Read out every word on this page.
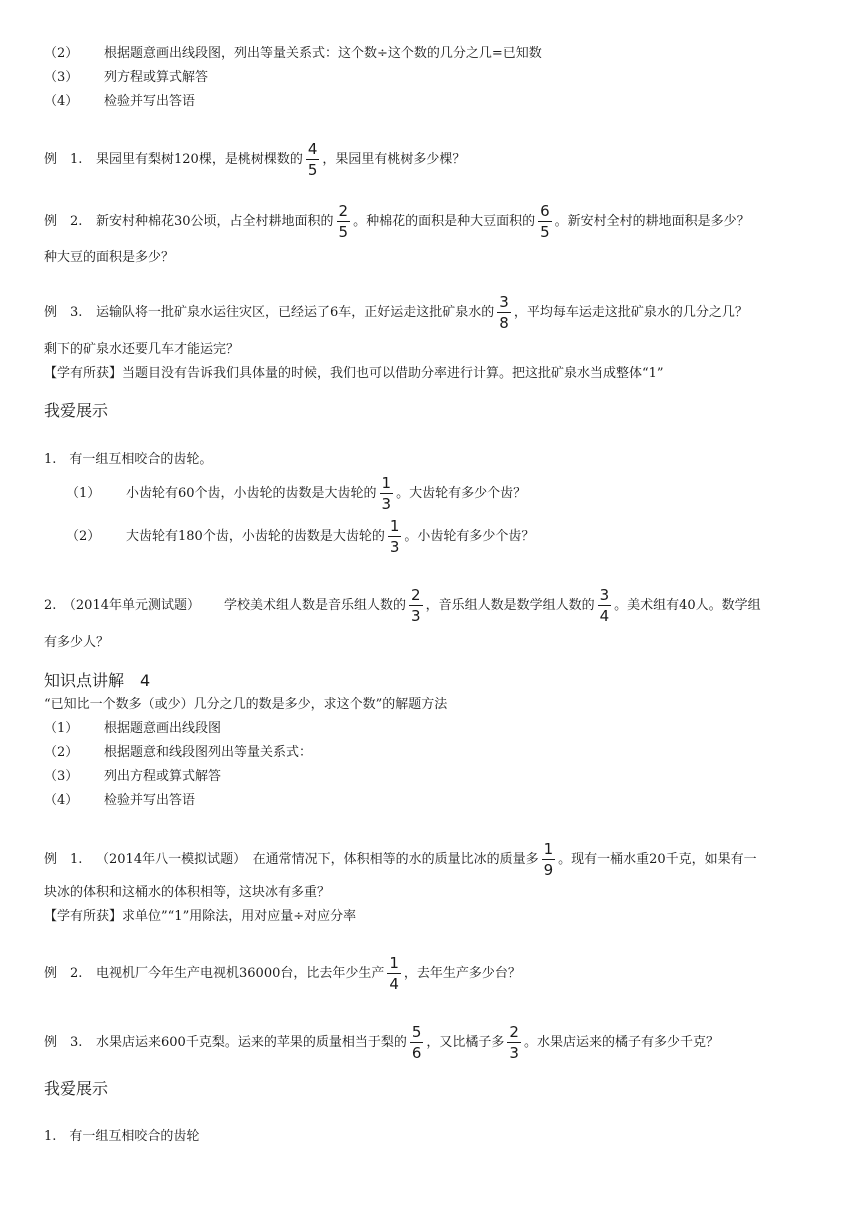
（2） 根据题意画出线段图，列出等量关系式：这个数÷这个数的几分之几=已知数
（3） 列方程或算式解答
（4） 检验并写出答语
例　1. 果园里有梨树120棵，是桃树棵数的 $\frac{4}{5}$ ，果园里有桃树多少棵？
例　2. 新安村种棉花30公顷，占全村耕地面积的 $\frac{2}{5}$ 。种棉花的面积是种大豆面积的 $\frac{6}{5}$ 。新安村全村的耕地面积是多少？
种大豆的面积是多少？
例　3. 运输队将一批矿泉水运往灾区，已经运了6车，正好运走这批矿泉水的 $\frac{3}{8}$ ，平均每车运走这批矿泉水的几分之几？
剩下的矿泉水还要几车才能运完？
【学有所获】当题目没有告诉我们具体量的时候，我们也可以借助分率进行计算。把这批矿泉水当成整体“1”
我爱展示
1.　有一组互相咬合的齿轮。
（1） 小齿轮有60个齿，小齿轮的齿数是大齿轮的 $\frac{1}{3}$ 。大齿轮有多少个齿？
（2） 大齿轮有180个齿，小齿轮的齿数是大齿轮的 $\frac{1}{3}$ 。小齿轮有多少个齿？
2.　（2014年单元测试题） 学校美术组人数是音乐组人数的 $\frac{2}{3}$ ，音乐组人数是数学组人数的 $\frac{3}{4}$ 。美术组有40人。数学组
有多少人？
知识点讲解　4
“已知比一个数多（或少）几分之几的数是多少，求这个数”的解题方法
（1） 根据题意画出线段图
（2） 根据题意和线段图列出等量关系式：
（3） 列出方程或算式解答
（4） 检验并写出答语
例　1. （2014年八一模拟试题）　在通常情况下，体积相等的水的质量比冰的质量多 $\frac{1}{9}$ 。现有一桶水重20千克，如果有一
块冰的体积和这桶水的体积相等，这块冰有多重？
【学有所获】求单位”“1”用除法，用对应量÷对应分率
例　2. 电视机厂今年生产电视机36000台，比去年少生产 $\frac{1}{4}$ ，去年生产多少台？
例　3. 水果店运来600千克梨。运来的苹果的质量相当于梨的 $\frac{5}{6}$ ，又比橘子多 $\frac{2}{3}$ 。水果店运来的橘子有多少千克？
我爱展示
1.　有一组互相咬合的齿轮
